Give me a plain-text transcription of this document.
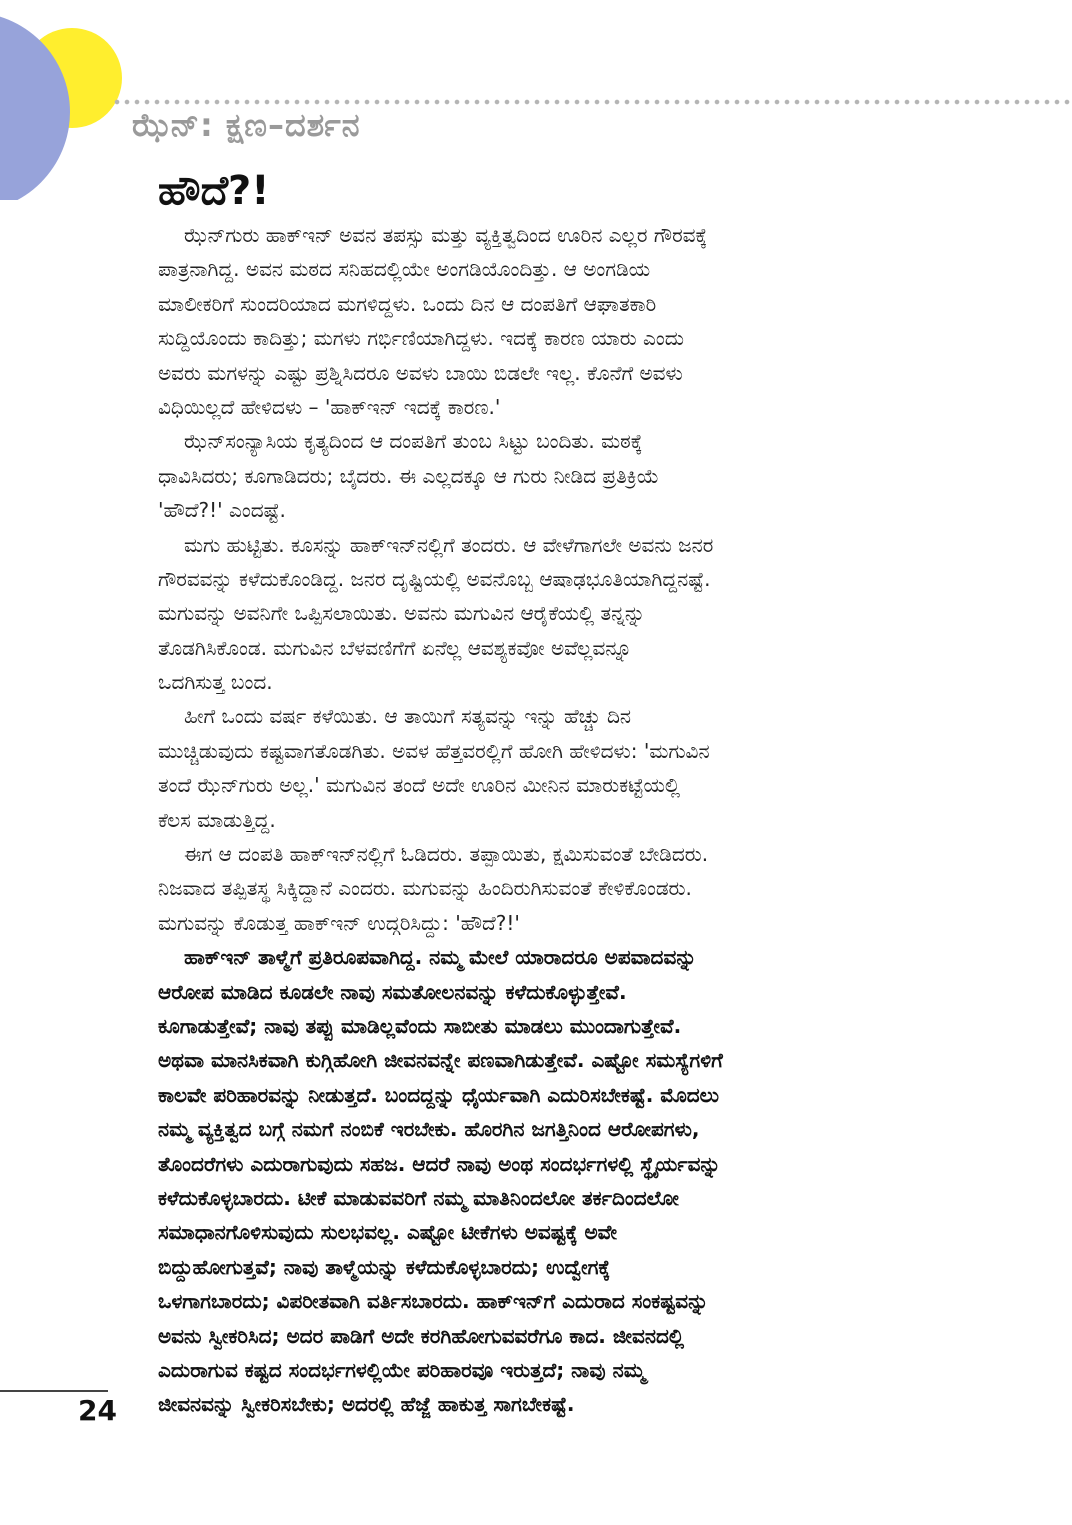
ಝೆನ್: ಕ್ಷಣ–ದರ್ಶನ
ಹೌದೆ?!
ಝೆನ್‌ಗುರು ಹಾಕ್‌ಇನ್ ಅವನ ತಪಸ್ಸು ಮತ್ತು ವ್ಯಕ್ತಿತ್ವದಿಂದ ಊರಿನ ಎಲ್ಲರ ಗೌರವಕ್ಕೆ
ಪಾತ್ರನಾಗಿದ್ದ. ಅವನ ಮಠದ ಸನಿಹದಲ್ಲಿಯೇ ಅಂಗಡಿಯೊಂದಿತ್ತು. ಆ ಅಂಗಡಿಯ
ಮಾಲೀಕರಿಗೆ ಸುಂದರಿಯಾದ ಮಗಳಿದ್ದಳು. ಒಂದು ದಿನ ಆ ದಂಪತಿಗೆ ಆಘಾತಕಾರಿ
ಸುದ್ದಿಯೊಂದು ಕಾದಿತ್ತು; ಮಗಳು ಗರ್ಭಿಣಿಯಾಗಿದ್ದಳು. ಇದಕ್ಕೆ ಕಾರಣ ಯಾರು ಎಂದು
ಅವರು ಮಗಳನ್ನು ಎಷ್ಟು ಪ್ರಶ್ನಿಸಿದರೂ ಅವಳು ಬಾಯಿ ಬಿಡಲೇ ಇಲ್ಲ. ಕೊನೆಗೆ ಅವಳು
ವಿಧಿಯಿಲ್ಲದೆ ಹೇಳಿದಳು – 'ಹಾಕ್‌ಇನ್ ಇದಕ್ಕೆ ಕಾರಣ.'
ಝೆನ್‌ಸಂನ್ಯಾಸಿಯ ಕೃತ್ಯದಿಂದ ಆ ದಂಪತಿಗೆ ತುಂಬ ಸಿಟ್ಟು ಬಂದಿತು. ಮಠಕ್ಕೆ
ಧಾವಿಸಿದರು; ಕೂಗಾಡಿದರು; ಬೈದರು. ಈ ಎಲ್ಲದಕ್ಕೂ ಆ ಗುರು ನೀಡಿದ ಪ್ರತಿಕ್ರಿಯೆ
'ಹೌದೆ?!' ಎಂದಷ್ಟೆ.
ಮಗು ಹುಟ್ಟಿತು. ಕೂಸನ್ನು ಹಾಕ್‌ಇನ್‌ನಲ್ಲಿಗೆ ತಂದರು. ಆ ವೇಳೆಗಾಗಲೇ ಅವನು ಜನರ
ಗೌರವವನ್ನು ಕಳೆದುಕೊಂಡಿದ್ದ. ಜನರ ದೃಷ್ಟಿಯಲ್ಲಿ ಅವನೊಬ್ಬ ಆಷಾಢಭೂತಿಯಾಗಿದ್ದನಷ್ಟೆ.
ಮಗುವನ್ನು ಅವನಿಗೇ ಒಪ್ಪಿಸಲಾಯಿತು. ಅವನು ಮಗುವಿನ ಆರೈಕೆಯಲ್ಲಿ ತನ್ನನ್ನು
ತೊಡಗಿಸಿಕೊಂಡ. ಮಗುವಿನ ಬೆಳವಣಿಗೆಗೆ ಏನೆಲ್ಲ ಆವಶ್ಯಕವೋ ಅವೆಲ್ಲವನ್ನೂ
ಒದಗಿಸುತ್ತ ಬಂದ.
ಹೀಗೆ ಒಂದು ವರ್ಷ ಕಳೆಯಿತು. ಆ ತಾಯಿಗೆ ಸತ್ಯವನ್ನು ಇನ್ನು ಹೆಚ್ಚು ದಿನ
ಮುಚ್ಚಿಡುವುದು ಕಷ್ಟವಾಗತೊಡಗಿತು. ಅವಳ ಹೆತ್ತವರಲ್ಲಿಗೆ ಹೋಗಿ ಹೇಳಿದಳು: 'ಮಗುವಿನ
ತಂದೆ ಝೆನ್‌ಗುರು ಅಲ್ಲ.' ಮಗುವಿನ ತಂದೆ ಅದೇ ಊರಿನ ಮೀನಿನ ಮಾರುಕಟ್ಟೆಯಲ್ಲಿ
ಕೆಲಸ ಮಾಡುತ್ತಿದ್ದ.
ಈಗ ಆ ದಂಪತಿ ಹಾಕ್‌ಇನ್‌ನಲ್ಲಿಗೆ ಓಡಿದರು. ತಪ್ಪಾಯಿತು, ಕ್ಷಮಿಸುವಂತೆ ಬೇಡಿದರು.
ನಿಜವಾದ ತಪ್ಪಿತಸ್ಥ ಸಿಕ್ಕಿದ್ದಾನೆ ಎಂದರು. ಮಗುವನ್ನು ಹಿಂದಿರುಗಿಸುವಂತೆ ಕೇಳಿಕೊಂಡರು.
ಮಗುವನ್ನು ಕೊಡುತ್ತ ಹಾಕ್‌ಇನ್ ಉದ್ಗರಿಸಿದ್ದು: 'ಹೌದೆ?!'
ಹಾಕ್‌ಇನ್ ತಾಳ್ಮೆಗೆ ಪ್ರತಿರೂಪವಾಗಿದ್ದ. ನಮ್ಮ ಮೇಲೆ ಯಾರಾದರೂ ಅಪವಾದವನ್ನು
ಆರೋಪ ಮಾಡಿದ ಕೂಡಲೇ ನಾವು ಸಮತೋಲನವನ್ನು ಕಳೆದುಕೊಳ್ಳುತ್ತೇವೆ.
ಕೂಗಾಡುತ್ತೇವೆ; ನಾವು ತಪ್ಪು ಮಾಡಿಲ್ಲವೆಂದು ಸಾಬೀತು ಮಾಡಲು ಮುಂದಾಗುತ್ತೇವೆ.
ಅಥವಾ ಮಾನಸಿಕವಾಗಿ ಕುಗ್ಗಿಹೋಗಿ ಜೀವನವನ್ನೇ ಪಣವಾಗಿಡುತ್ತೇವೆ. ಎಷ್ಟೋ ಸಮಸ್ಯೆಗಳಿಗೆ
ಕಾಲವೇ ಪರಿಹಾರವನ್ನು ನೀಡುತ್ತದೆ. ಬಂದದ್ದನ್ನು ಧೈರ್ಯವಾಗಿ ಎದುರಿಸಬೇಕಷ್ಟೆ. ಮೊದಲು
ನಮ್ಮ ವ್ಯಕ್ತಿತ್ವದ ಬಗ್ಗೆ ನಮಗೆ ನಂಬಿಕೆ ಇರಬೇಕು. ಹೊರಗಿನ ಜಗತ್ತಿನಿಂದ ಆರೋಪಗಳು,
ತೊಂದರೆಗಳು ಎದುರಾಗುವುದು ಸಹಜ. ಆದರೆ ನಾವು ಅಂಥ ಸಂದರ್ಭಗಳಲ್ಲಿ ಸ್ಥೈರ್ಯವನ್ನು
ಕಳೆದುಕೊಳ್ಳಬಾರದು. ಟೀಕೆ ಮಾಡುವವರಿಗೆ ನಮ್ಮ ಮಾತಿನಿಂದಲೋ ತರ್ಕದಿಂದಲೋ
ಸಮಾಧಾನಗೊಳಿಸುವುದು ಸುಲಭವಲ್ಲ. ಎಷ್ಟೋ ಟೀಕೆಗಳು ಅವಷ್ಟಕ್ಕೆ ಅವೇ
ಬಿದ್ದುಹೋಗುತ್ತವೆ; ನಾವು ತಾಳ್ಮೆಯನ್ನು ಕಳೆದುಕೊಳ್ಳಬಾರದು; ಉದ್ವೇಗಕ್ಕೆ
ಒಳಗಾಗಬಾರದು; ವಿಪರೀತವಾಗಿ ವರ್ತಿಸಬಾರದು. ಹಾಕ್‌ಇನ್‌ಗೆ ಎದುರಾದ ಸಂಕಷ್ಟವನ್ನು
ಅವನು ಸ್ವೀಕರಿಸಿದ; ಅದರ ಪಾಡಿಗೆ ಅದೇ ಕರಗಿಹೋಗುವವರೆಗೂ ಕಾದ. ಜೀವನದಲ್ಲಿ
ಎದುರಾಗುವ ಕಷ್ಟದ ಸಂದರ್ಭಗಳಲ್ಲಿಯೇ ಪರಿಹಾರವೂ ಇರುತ್ತದೆ; ನಾವು ನಮ್ಮ
ಜೀವನವನ್ನು ಸ್ವೀಕರಿಸಬೇಕು; ಅದರಲ್ಲಿ ಹೆಜ್ಜೆ ಹಾಕುತ್ತ ಸಾಗಬೇಕಷ್ಟೆ.
24
